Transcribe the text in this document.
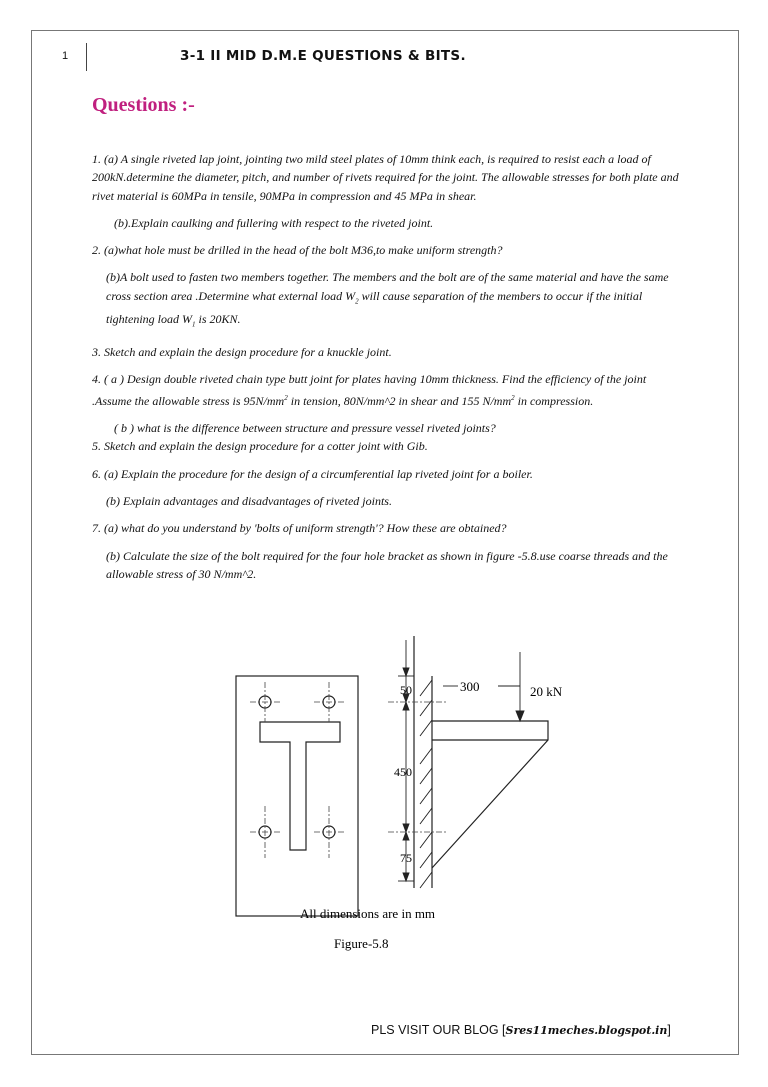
1	3-1 II MID D.M.E QUESTIONS & BITS.
Questions :-

1. (a) A single riveted lap joint, jointing two mild steel plates of 10mm think each, is required to resist each a load of 200kN.determine the diameter, pitch, and number of rivets required for the joint. The allowable stresses for both plate and rivet material is 60MPa in tensile, 90MPa in compression and 45 MPa in shear.

(b).Explain caulking and fullering with respect to the riveted joint.

2. (a)what hole must be drilled in the head of the bolt M36,to make uniform strength?

(b)A bolt used to fasten two members together. The members and the bolt are of the same material and have the same cross section area .Determine what external load $W_2$ will cause separation of the members to occur if the initial tightening load $W_1$ is 20KN.

3. Sketch and explain the design procedure for a knuckle joint.

4. ( a ) Design double riveted chain type butt joint for plates having 10mm thickness. Find the efficiency of the joint .Assume the allowable stress is $95N/mm^2$ in tension, 80N/mm^2 in shear and 155 $N/mm^2$ in compression.

( b ) what is the difference between structure and pressure vessel riveted joints?

5. Sketch and explain the design procedure for a cotter joint with Gib.

6. (a) Explain the procedure for the design of a circumferential lap riveted joint for a boiler.

(b) Explain advantages and disadvantages of riveted joints.

7. (a) what do you understand by 'bolts of uniform strength'? How these are obtained?

(b) Calculate the size of the bolt required for the four hole bracket as shown in figure -5.8.use coarse threads and the allowable stress of 30 N/mm^2.

50	300	20 kN
450
75
All dimensions are in mm
Figure-5.8
PLS VISIT OUR BLOG [Sres11meches.blogspot.in]
